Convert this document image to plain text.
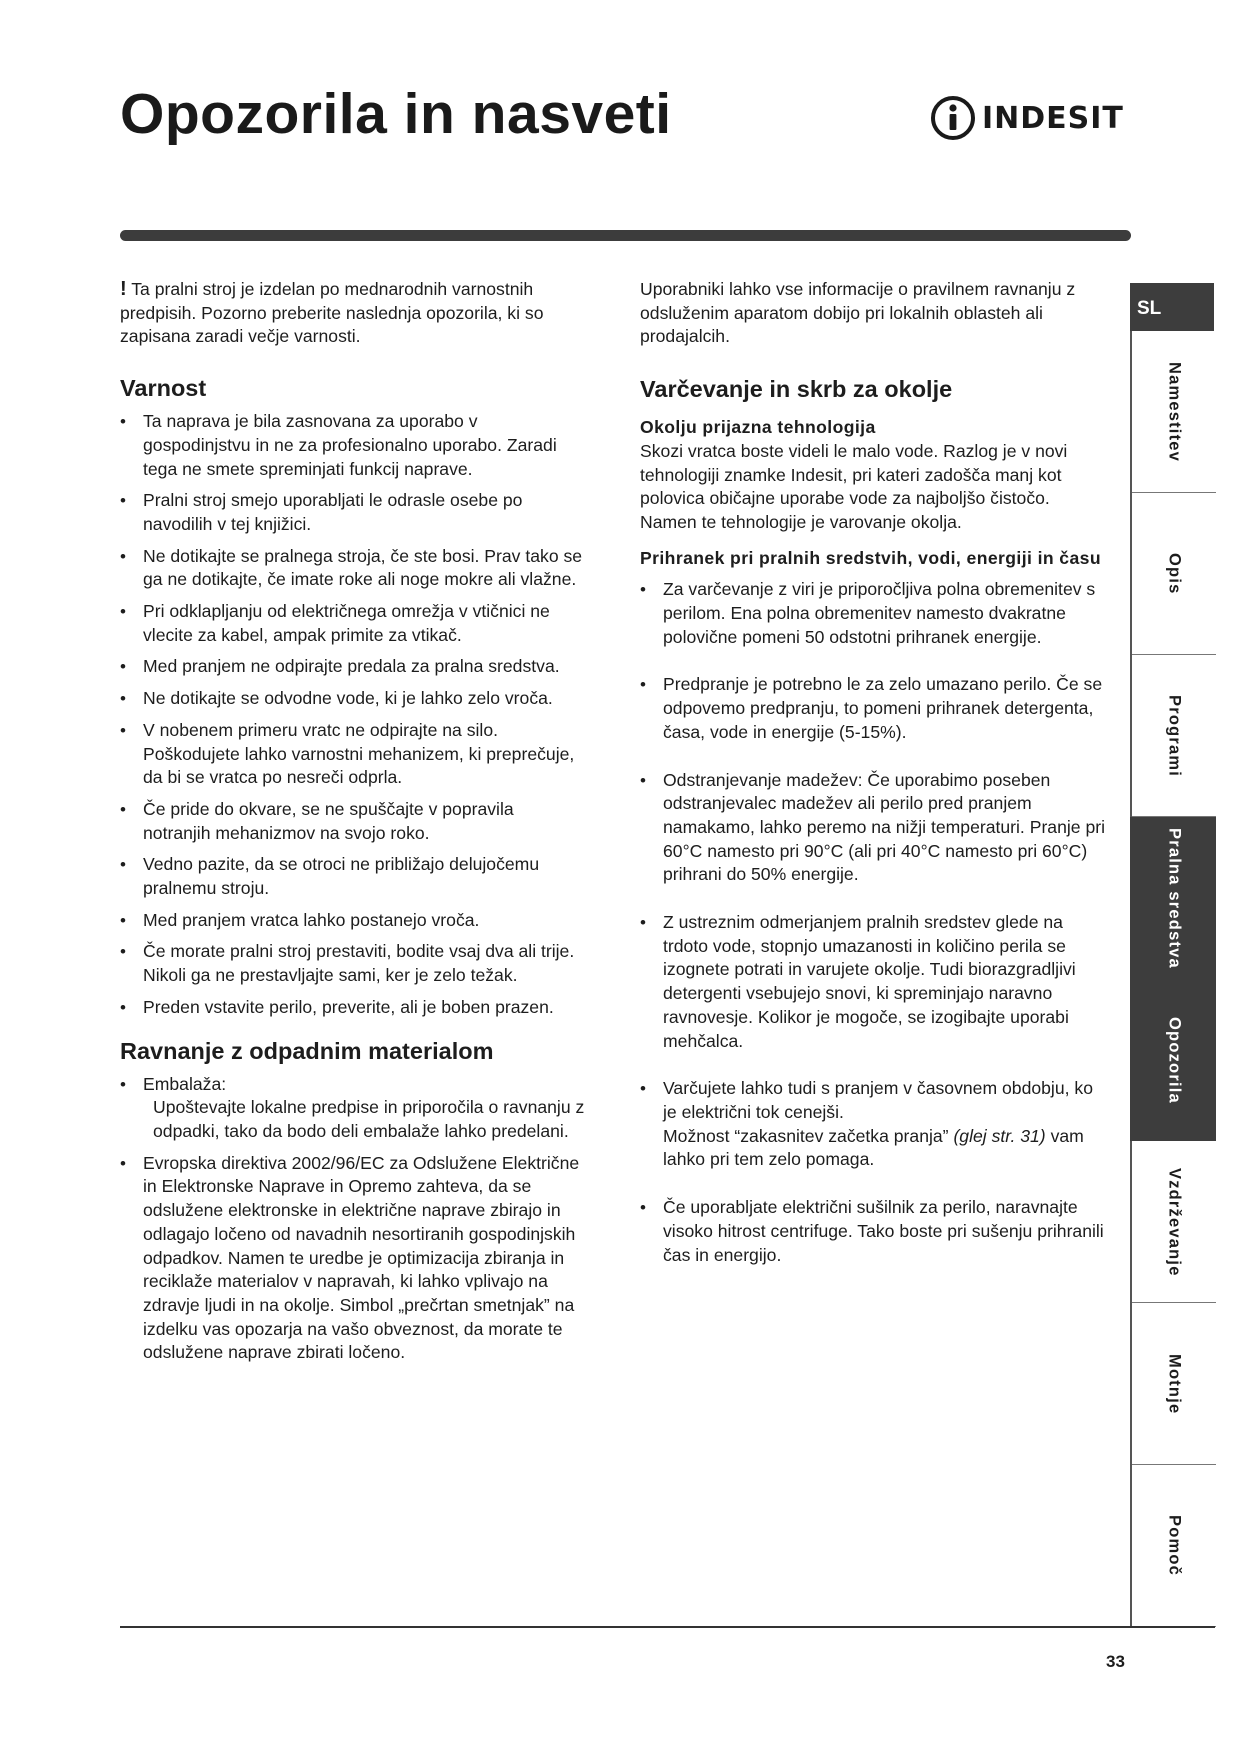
Opozorila in nasveti	INDESIT

! Ta pralni stroj je izdelan po mednarodnih varnostnih predpisih. Pozorno preberite naslednja opozorila, ki so zapisana zaradi večje varnosti.

Varnost
• Ta naprava je bila zasnovana za uporabo v gospodinjstvu in ne za profesionalno uporabo. Zaradi tega ne smete spreminjati funkcij naprave.
• Pralni stroj smejo uporabljati le odrasle osebe po navodilih v tej knjižici.
• Ne dotikajte se pralnega stroja, če ste bosi. Prav tako se ga ne dotikajte, če imate roke ali noge mokre ali vlažne.
• Pri odklapljanju od električnega omrežja v vtičnici ne vlecite za kabel, ampak primite za vtikač.
• Med pranjem ne odpirajte predala za pralna sredstva.
• Ne dotikajte se odvodne vode, ki je lahko zelo vroča.
• V nobenem primeru vratc ne odpirajte na silo. Poškodujete lahko varnostni mehanizem, ki preprečuje, da bi se vratca po nesreči odprla.
• Če pride do okvare, se ne spuščajte v popravila notranjih mehanizmov na svojo roko.
• Vedno pazite, da se otroci ne približajo delujočemu pralnemu stroju.
• Med pranjem vratca lahko postanejo vroča.
• Če morate pralni stroj prestaviti, bodite vsaj dva ali trije. Nikoli ga ne prestavljajte sami, ker je zelo težak.
• Preden vstavite perilo, preverite, ali je boben prazen.
Ravnanje z odpadnim materialom
• Embalaža:
Upoštevajte lokalne predpise in priporočila o ravnanju z odpadki, tako da bodo deli embalaže lahko predelani.
• Evropska direktiva 2002/96/EC za Odslužene Električne in Elektronske Naprave in Opremo zahteva, da se odslužene elektronske in električne naprave zbirajo in odlagajo ločeno od navadnih nesortiranih gospodinjskih odpadkov. Namen te uredbe je optimizacija zbiranja in reciklaže materialov v napravah, ki lahko vplivajo na zdravje ljudi in na okolje. Simbol „prečrtan smetnjak” na izdelku vas opozarja na vašo obveznost, da morate te odslužene naprave zbirati ločeno.

Uporabniki lahko vse informacije o pravilnem ravnanju z odsluženim aparatom dobijo pri lokalnih oblasteh ali prodajalcih.

Varčevanje in skrb za okolje
Okolju prijazna tehnologija

Skozi vratca boste videli le malo vode. Razlog je v novi tehnologiji znamke Indesit, pri kateri zadošča manj kot polovica običajne uporabe vode za najboljšo čistočo. Namen te tehnologije je varovanje okolja.

Prihranek pri pralnih sredstvih, vodi, energiji in času
• Za varčevanje z viri je priporočljiva polna obremenitev s perilom. Ena polna obremenitev namesto dvakratne polovične pomeni 50 odstotni prihranek energije.
• Predpranje je potrebno le za zelo umazano perilo. Če se odpovemo predpranju, to pomeni prihranek detergenta, časa, vode in energije (5-15%).
• Odstranjevanje madežev: Če uporabimo poseben odstranjevalec madežev ali perilo pred pranjem namakamo, lahko peremo na nižji temperaturi. Pranje pri 60°C namesto pri 90°C (ali pri 40°C namesto pri 60°C) prihrani do 50% energije.
• Z ustreznim odmerjanjem pralnih sredstev glede na trdoto vode, stopnjo umazanosti in količino perila se izognete potrati in varujete okolje. Tudi biorazgradljivi detergenti vsebujejo snovi, ki spreminjajo naravno ravnovesje. Kolikor je mogoče, se izogibajte uporabi mehčalca.
• Varčujete lahko tudi s pranjem v časovnem obdobju, ko je električni tok cenejši.
Možnost “zakasnitev začetka pranja” (glej str. 31) vam lahko pri tem zelo pomaga.
• Če uporabljate električni sušilnik za perilo, naravnajte visoko hitrost centrifuge. Tako boste pri sušenju prihranili čas in energijo.
SL
Namestitev
Opis
Programi
Pralna sredstva
Opozorila
Vzdrževanje
Motnje
Pomoč
33
